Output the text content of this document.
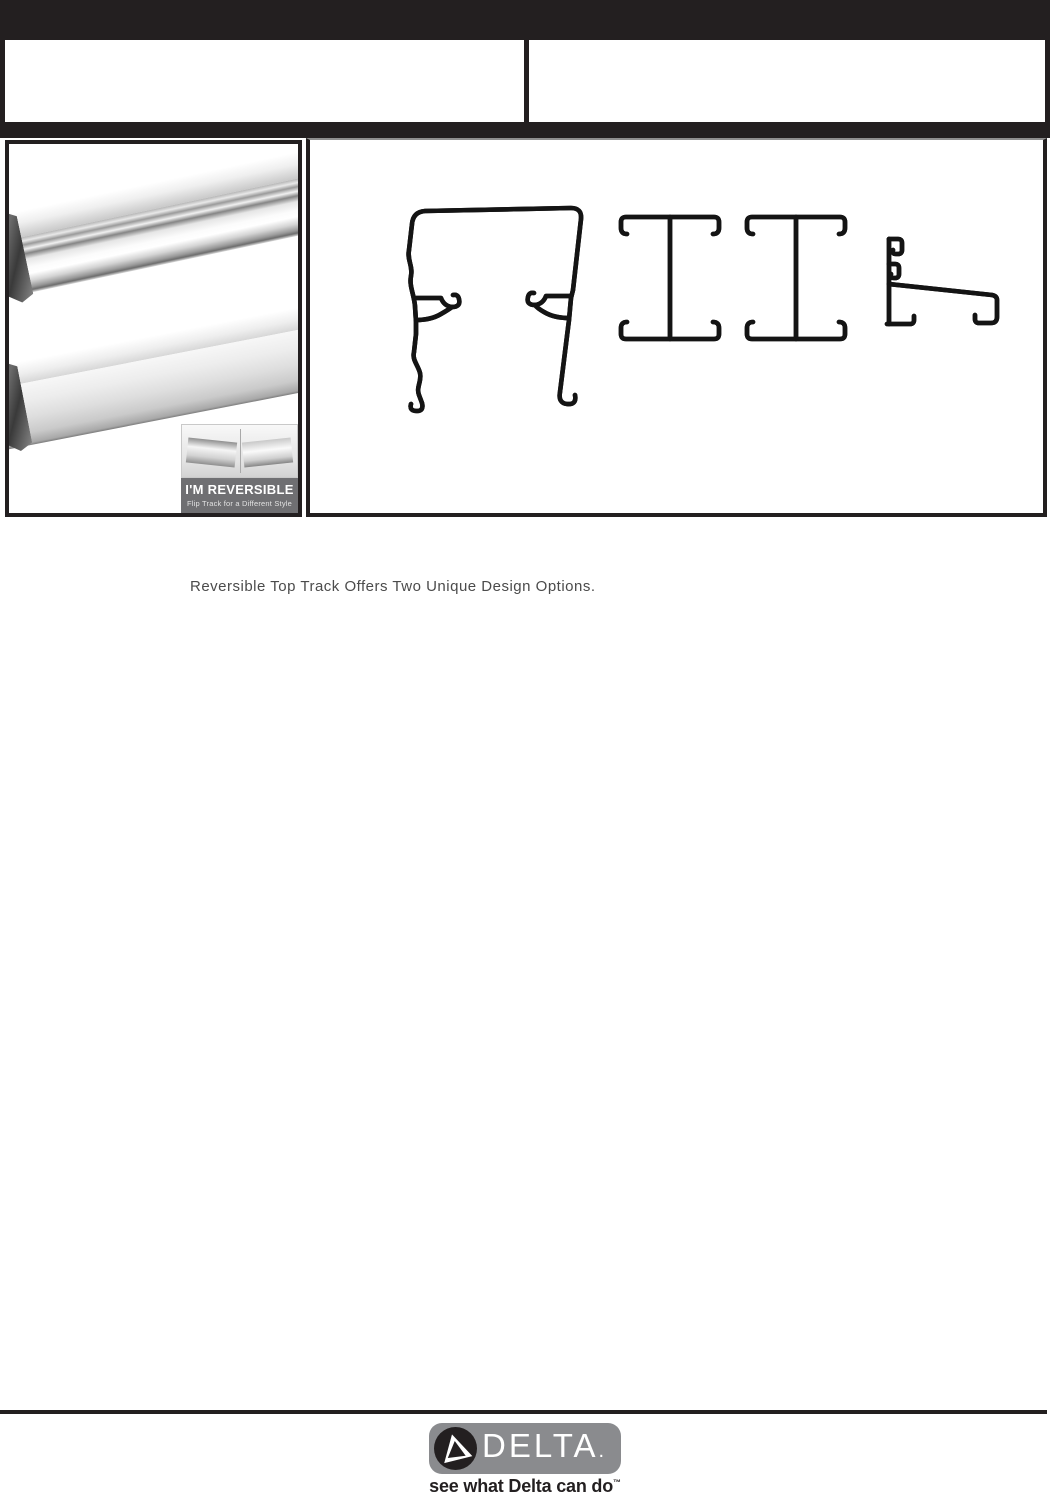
I'M REVERSIBLE
Flip Track for a Different Style
Reversible Top Track Offers Two Unique Design Options.
DELTA.
see what Delta can do™
